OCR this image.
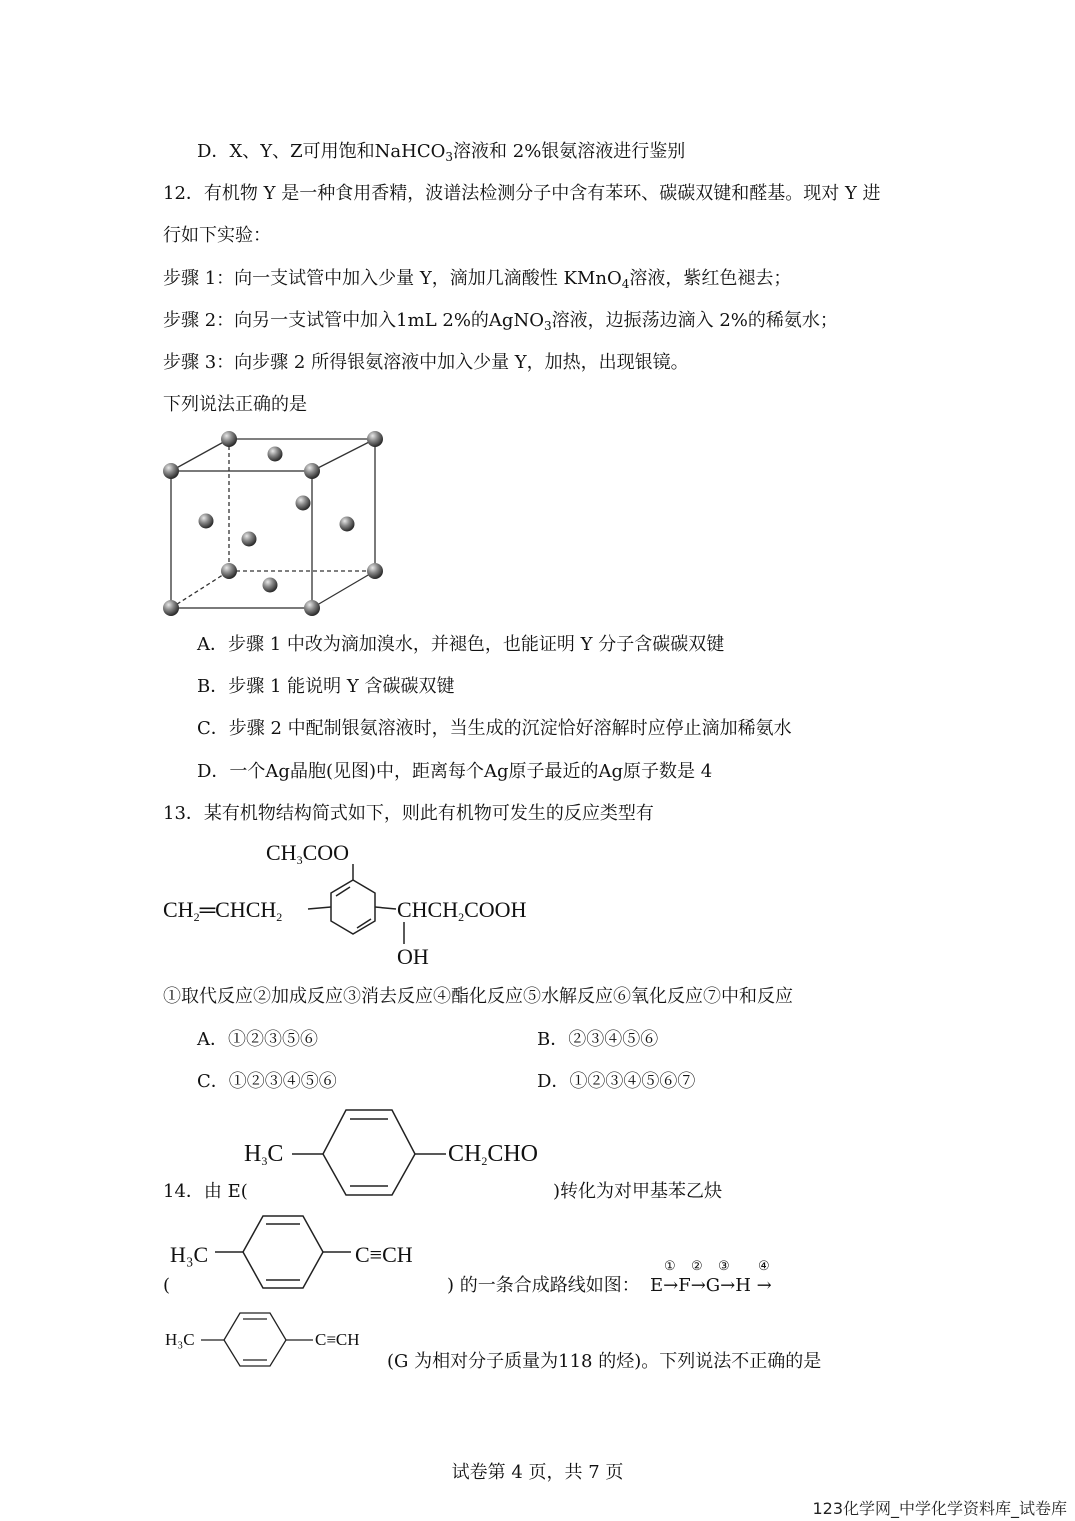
D．X、Y、Z可用饱和NaHCO$_3$溶液和 2%银氨溶液进行鉴别
12．有机物 Y 是一种食用香精，波谱法检测分子中含有苯环、碳碳双键和醛基。现对 Y 进
行如下实验：
步骤 1：向一支试管中加入少量 Y，滴加几滴酸性 KMnO$_4$溶液，紫红色褪去；
步骤 2：向另一支试管中加入1mL 2%的AgNO$_3$溶液，边振荡边滴入 2%的稀氨水；
步骤 3：向步骤 2 所得银氨溶液中加入少量 Y，加热，出现银镜。
下列说法正确的是
A．步骤 1 中改为滴加溴水，并褪色，也能证明 Y 分子含碳碳双键
B．步骤 1 能说明 Y 含碳碳双键
C．步骤 2 中配制银氨溶液时，当生成的沉淀恰好溶解时应停止滴加稀氨水
D．一个Ag晶胞(见图)中，距离每个Ag原子最近的Ag原子数是 4
13．某有机物结构简式如下，则此有机物可发生的反应类型有
$CH_3COO$
$CH_2═CHCH_2$	$CHCH_2COOH$
OH
①取代反应②加成反应③消去反应④酯化反应⑤水解反应⑥氧化反应⑦中和反应
A．①②③⑤⑥	B．②③④⑤⑥
C．①②③④⑤⑥	D．①②③④⑤⑥⑦
$H_3C$	$CH_2CHO$
14．由 E(	)转化为对甲基苯乙炔
H₃C	C≡CH
(	) 的一条合成路线如图： E→F→G→H →
① ② ③ ④
H₃C	C≡CH
(G 为相对分子质量为118 的烃)。下列说法不正确的是
试卷第 4 页，共 7 页
123化学网_中学化学资料库_试卷库
